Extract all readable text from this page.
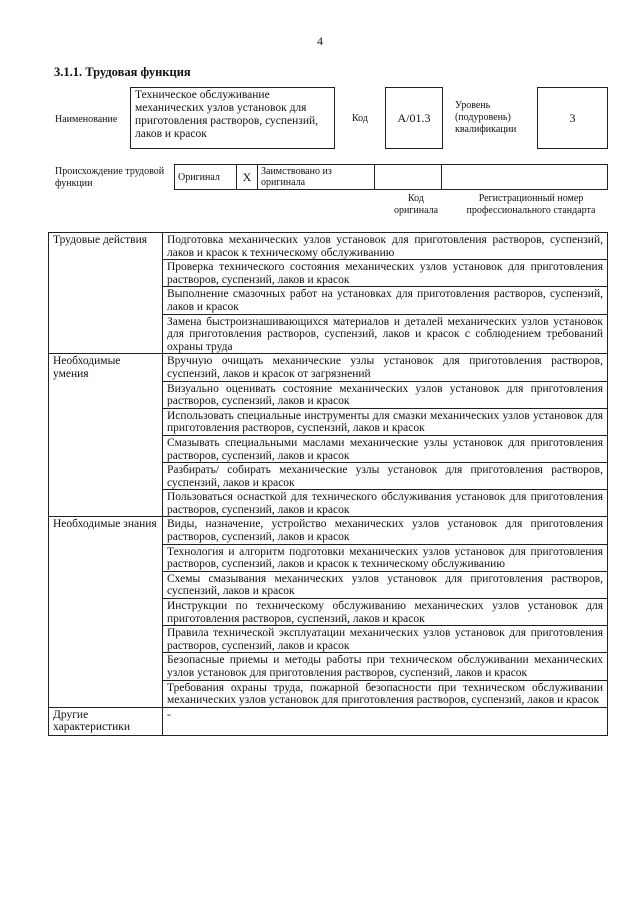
4
3.1.1. Трудовая функция
Наименование
Техническое обслуживание механических узлов установок для приготовления растворов, суспензий, лаков и красок
Код	А/01.3
Уровень (подуровень) квалификации
3
Происхождение трудовой функции
Оригинал	X	Заимствовано из оригинала		
Код оригинала
Регистрационный номер профессионального стандарта
Трудовые действия	Подготовка механических узлов установок для приготовления растворов, суспензий, лаков и красок к техническому обслуживанию
	Проверка технического состояния механических узлов установок для приготовления растворов, суспензий, лаков и красок
	Выполнение смазочных работ на установках для приготовления растворов, суспензий, лаков и красок
	Замена быстроизнашивающихся материалов и деталей механических узлов установок для приготовления растворов, суспензий, лаков и красок с соблюдением требований охраны труда
Необходимые умения	Вручную очищать механические узлы установок для приготовления растворов, суспензий, лаков и красок от загрязнений
	Визуально оценивать состояние механических узлов установок для приготовления растворов, суспензий, лаков и красок
	Использовать специальные инструменты для смазки механических узлов установок для приготовления растворов, суспензий, лаков и красок
	Смазывать специальными маслами механические узлы установок для приготовления растворов, суспензий, лаков и красок
	Разбирать/ собирать механические узлы установок для приготовления растворов, суспензий, лаков и красок
	Пользоваться оснасткой для технического обслуживания установок для приготовления растворов, суспензий, лаков и красок
Необходимые знания	Виды, назначение, устройство механических узлов установок для приготовления растворов, суспензий, лаков и красок
	Технология и алгоритм подготовки механических узлов установок для приготовления растворов, суспензий, лаков и красок к техническому обслуживанию
	Схемы смазывания механических узлов установок для приготовления растворов, суспензий, лаков и красок
	Инструкции по техническому обслуживанию механических узлов установок для приготовления растворов, суспензий, лаков и красок
	Правила технической эксплуатации механических узлов установок для приготовления растворов, суспензий, лаков и красок
	Безопасные приемы и методы работы при техническом обслуживании механических узлов установок для приготовления растворов, суспензий, лаков и красок
	Требования охраны труда, пожарной безопасности при техническом обслуживании механических узлов установок для приготовления растворов, суспензий, лаков и красок
Другие характеристики	-
